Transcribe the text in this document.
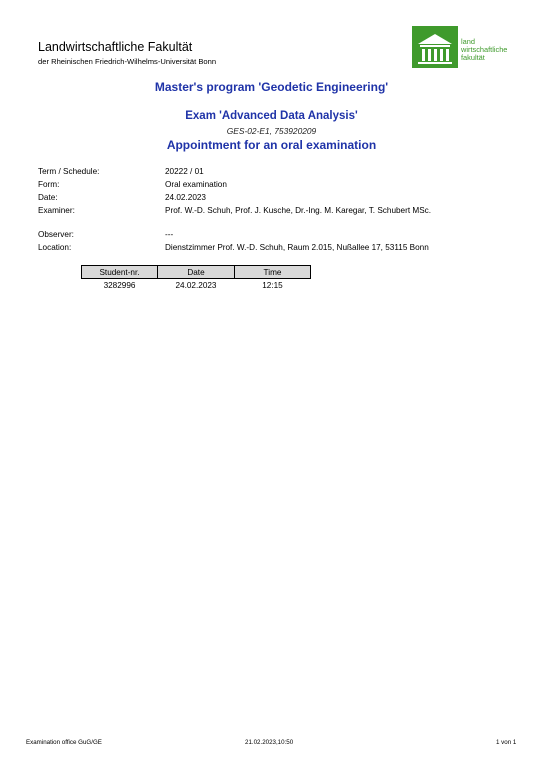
Landwirtschaftliche Fakultät
der Rheinischen Friedrich-Wilhelms-Universität Bonn
land
wirtschaftliche
fakultät
Master's program 'Geodetic Engineering'
Exam 'Advanced Data Analysis'
GES-02-E1, 753920209
Appointment for an oral examination
Term / Schedule:	20222 / 01
Form:	Oral examination
Date:	24.02.2023
Examiner:	Prof. W.-D. Schuh, Prof. J. Kusche, Dr.-Ing. M. Karegar, T. Schubert MSc.
Observer:	---
Location:	Dienstzimmer Prof. W.-D. Schuh, Raum 2.015, Nußallee 17, 53115 Bonn
Student-nr.	Date	Time
3282996	24.02.2023	12:15
Examination office GuG/GE	21.02.2023,10:50	1 von 1
